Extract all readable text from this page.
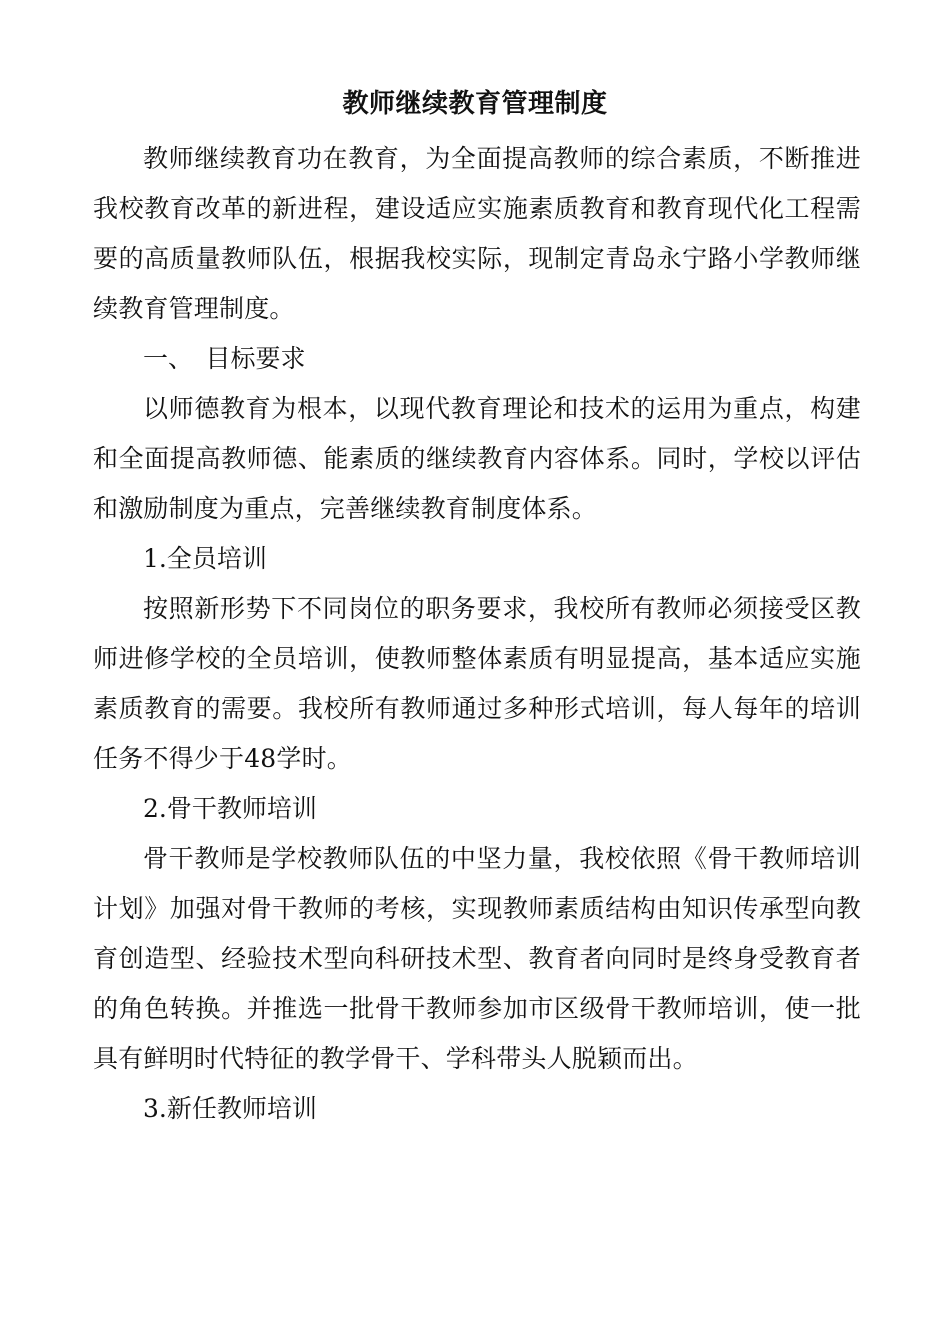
教师继续教育管理制度

教师继续教育功在教育，为全面提高教师的综合素质，不断推进我校教育改革的新进程，建设适应实施素质教育和教育现代化工程需要的高质量教师队伍，根据我校实际，现制定青岛永宁路小学教师继续教育管理制度。

一、　目标要求

以师德教育为根本，以现代教育理论和技术的运用为重点，构建和全面提高教师德、能素质的继续教育内容体系。同时，学校以评估和激励制度为重点，完善继续教育制度体系。

1.全员培训

按照新形势下不同岗位的职务要求，我校所有教师必须接受区教师进修学校的全员培训，使教师整体素质有明显提高，基本适应实施素质教育的需要。我校所有教师通过多种形式培训，每人每年的培训任务不得少于48学时。

2.骨干教师培训

骨干教师是学校教师队伍的中坚力量，我校依照《骨干教师培训计划》加强对骨干教师的考核，实现教师素质结构由知识传承型向教育创造型、经验技术型向科研技术型、教育者向同时是终身受教育者的角色转换。并推选一批骨干教师参加市区级骨干教师培训，使一批具有鲜明时代特征的教学骨干、学科带头人脱颖而出。

3.新任教师培训
